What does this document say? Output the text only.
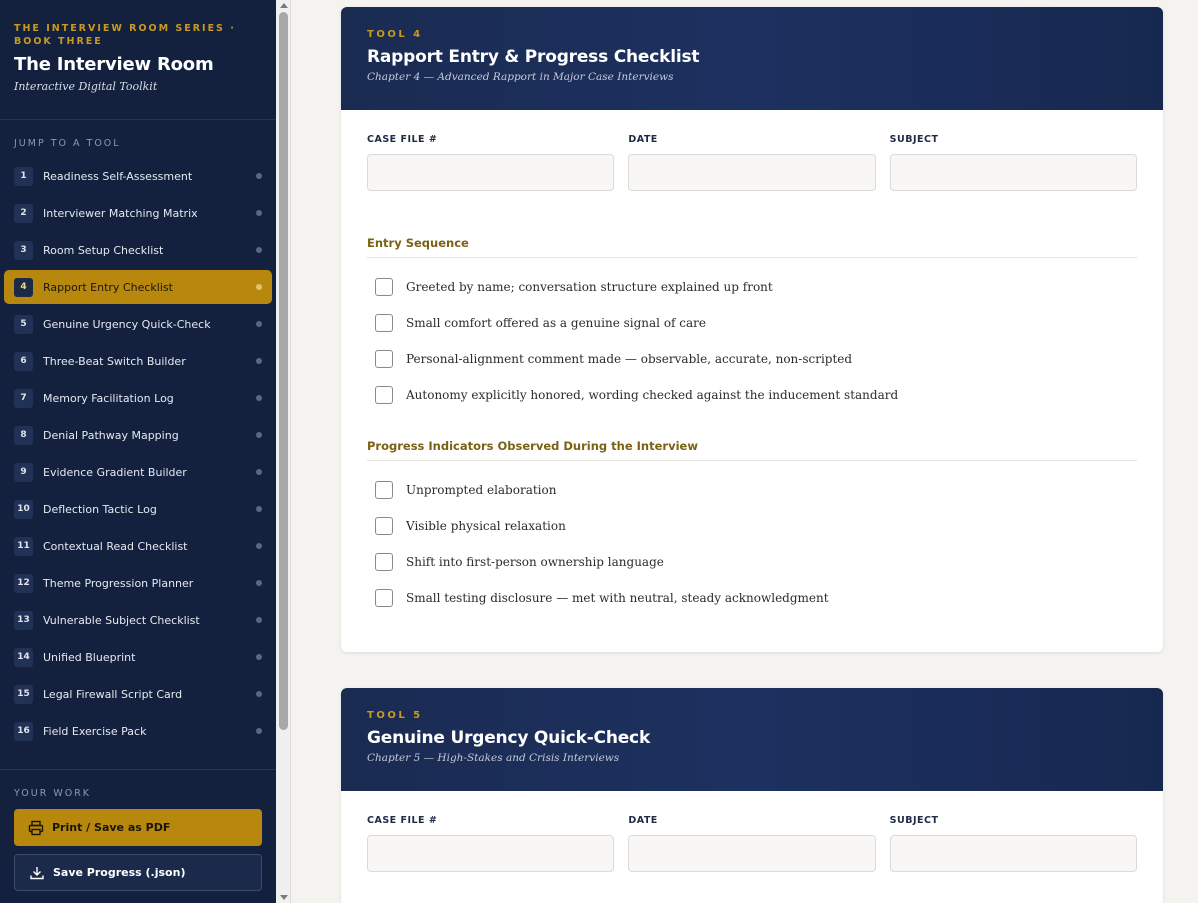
THE INTERVIEW ROOM SERIES · BOOK THREE
The Interview Room
Interactive Digital Toolkit
JUMP TO A TOOL
1	Readiness Self-Assessment
2	Interviewer Matching Matrix
3	Room Setup Checklist
4	Rapport Entry Checklist
5	Genuine Urgency Quick-Check
6	Three-Beat Switch Builder
7	Memory Facilitation Log
8	Denial Pathway Mapping
9	Evidence Gradient Builder
10 Deflection Tactic Log
11 Contextual Read Checklist
12 Theme Progression Planner
13 Vulnerable Subject Checklist
14 Unified Blueprint
15 Legal Firewall Script Card
16 Field Exercise Pack
YOUR WORK
Print / Save as PDF
Save Progress (.json)
TOOL 4
Rapport Entry & Progress Checklist
Chapter 4 — Advanced Rapport in Major Case Interviews
CASE FILE #	DATE	SUBJECT
Entry Sequence
Greeted by name; conversation structure explained up front
Small comfort offered as a genuine signal of care
Personal-alignment comment made — observable, accurate, non-scripted
Autonomy explicitly honored, wording checked against the inducement standard
Progress Indicators Observed During the Interview
Unprompted elaboration
Visible physical relaxation
Shift into first-person ownership language
Small testing disclosure — met with neutral, steady acknowledgment
TOOL 5
Genuine Urgency Quick-Check
Chapter 5 — High-Stakes and Crisis Interviews
CASE FILE #	DATE	SUBJECT
